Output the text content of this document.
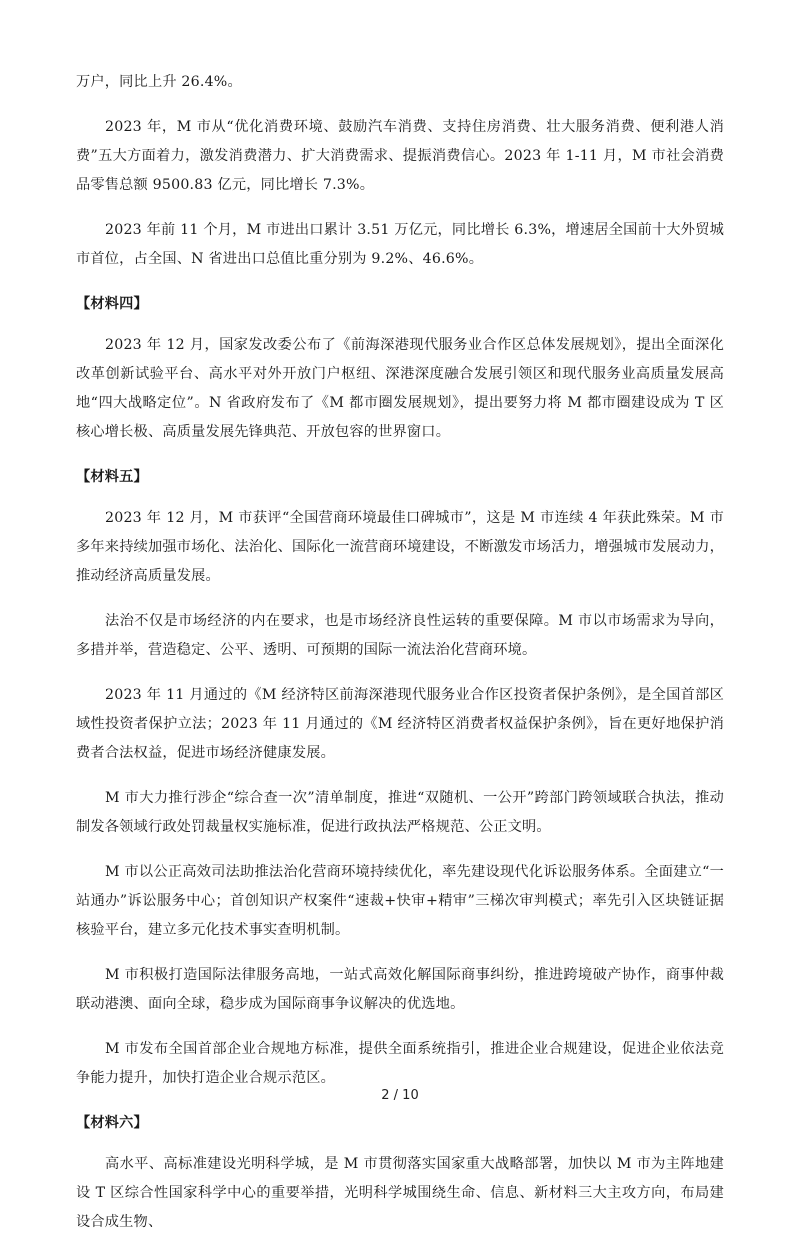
万户，同比上升 26.4%。

2023 年，M 市从“优化消费环境、鼓励汽车消费、支持住房消费、壮大服务消费、便利港人消费”五大方面着力，激发消费潜力、扩大消费需求、提振消费信心。2023 年 1-11 月，M 市社会消费品零售总额 9500.83 亿元，同比增长 7.3%。

2023 年前 11 个月，M 市进出口累计 3.51 万亿元，同比增长 6.3%，增速居全国前十大外贸城市首位，占全国、N 省进出口总值比重分别为 9.2%、46.6%。

【材料四】

2023 年 12 月，国家发改委公布了《前海深港现代服务业合作区总体发展规划》，提出全面深化改革创新试验平台、高水平对外开放门户枢纽、深港深度融合发展引领区和现代服务业高质量发展高地“四大战略定位”。N 省政府发布了《M 都市圈发展规划》，提出要努力将 M 都市圈建设成为 T 区核心增长极、高质量发展先锋典范、开放包容的世界窗口。

【材料五】

2023 年 12 月，M 市获评“全国营商环境最佳口碑城市”，这是 M 市连续 4 年获此殊荣。M 市多年来持续加强市场化、法治化、国际化一流营商环境建设，不断激发市场活力，增强城市发展动力，推动经济高质量发展。

法治不仅是市场经济的内在要求，也是市场经济良性运转的重要保障。M 市以市场需求为导向，多措并举，营造稳定、公平、透明、可预期的国际一流法治化营商环境。

2023 年 11 月通过的《M 经济特区前海深港现代服务业合作区投资者保护条例》，是全国首部区域性投资者保护立法；2023 年 11 月通过的《M 经济特区消费者权益保护条例》，旨在更好地保护消费者合法权益，促进市场经济健康发展。

M 市大力推行涉企“综合查一次”清单制度，推进“双随机、一公开”跨部门跨领域联合执法，推动制发各领域行政处罚裁量权实施标准，促进行政执法严格规范、公正文明。

M 市以公正高效司法助推法治化营商环境持续优化，率先建设现代化诉讼服务体系。全面建立“一站通办”诉讼服务中心；首创知识产权案件“速裁+快审+精审”三梯次审判模式；率先引入区块链证据核验平台，建立多元化技术事实查明机制。

M 市积极打造国际法律服务高地，一站式高效化解国际商事纠纷，推进跨境破产协作，商事仲裁联动港澳、面向全球，稳步成为国际商事争议解决的优选地。

M 市发布全国首部企业合规地方标准，提供全面系统指引，推进企业合规建设，促进企业依法竞争能力提升，加快打造企业合规示范区。

【材料六】

高水平、高标准建设光明科学城，是 M 市贯彻落实国家重大战略部署，加快以 M 市为主阵地建设 T 区综合性国家科学中心的重要举措，光明科学城围绕生命、信息、新材料三大主攻方向，布局建设合成生物、

2 / 10
